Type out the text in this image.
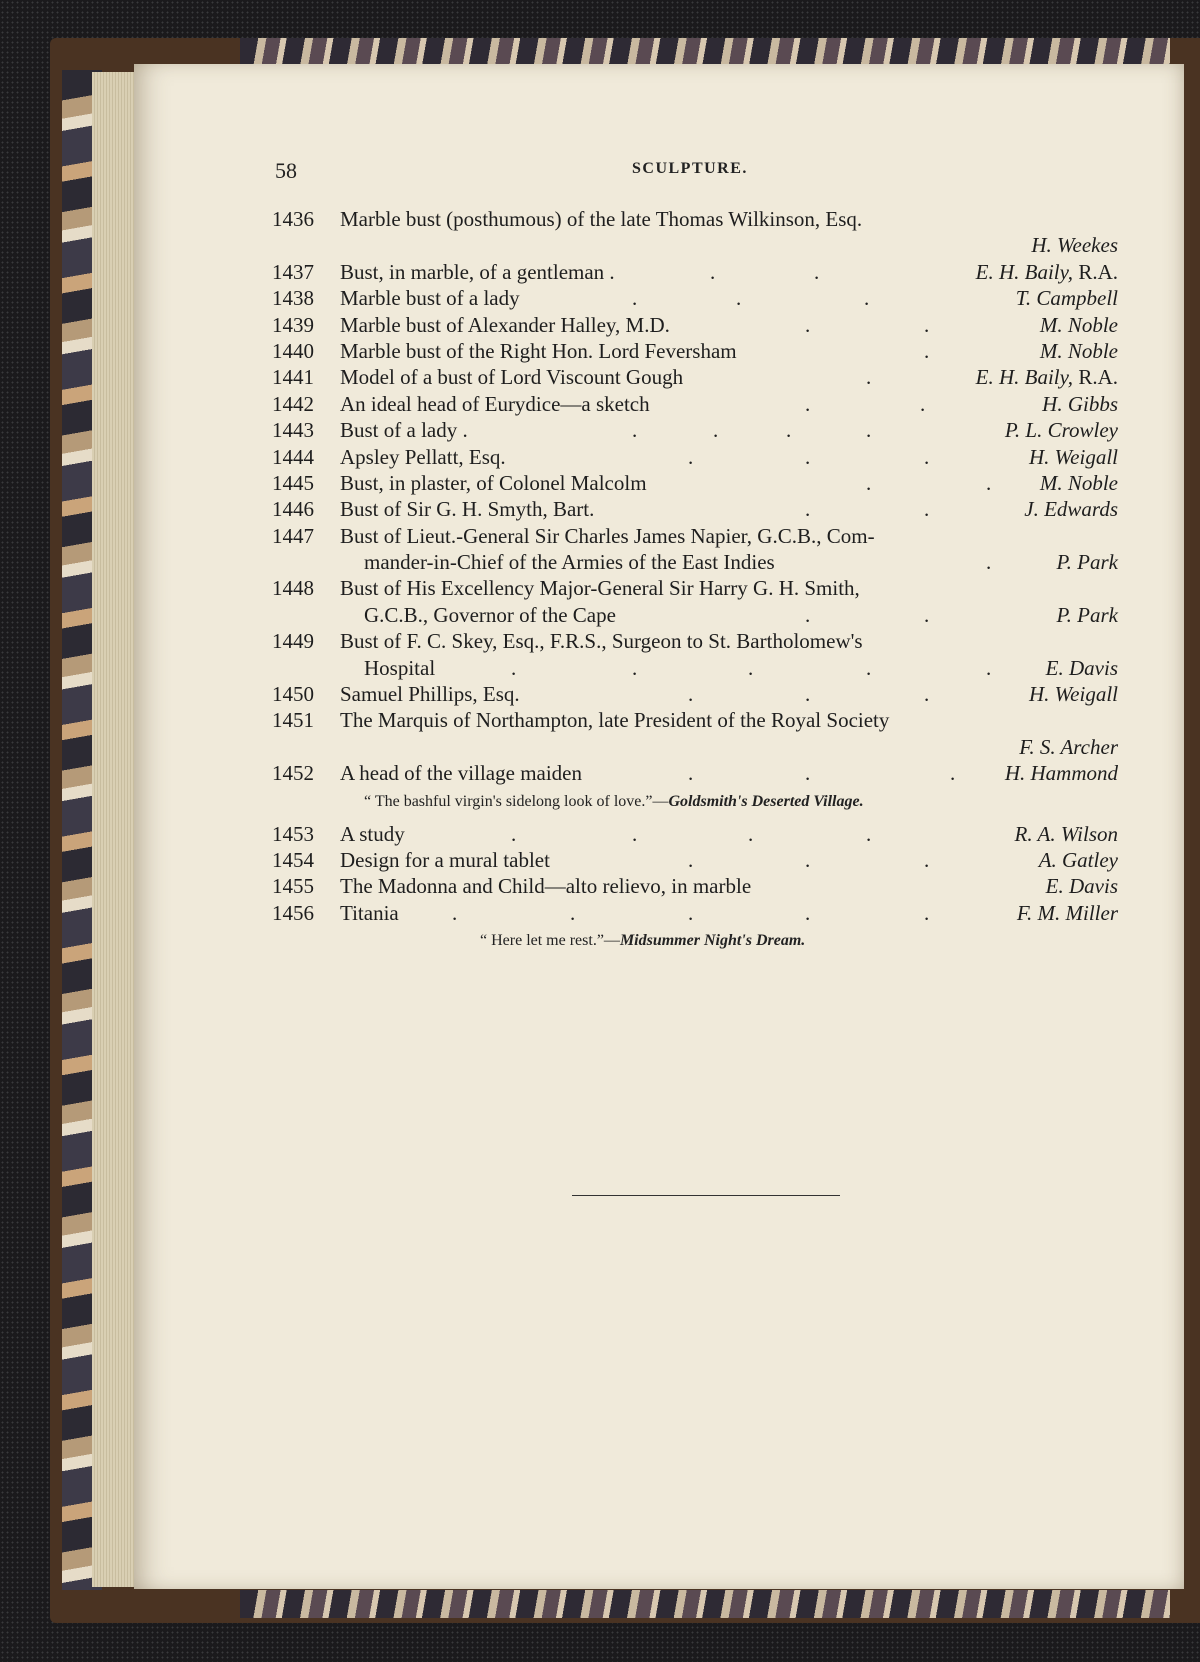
58	SCULPTURE.
1436 Marble bust (posthumous) of the late Thomas Wilkinson, Esq.
H. Weekes
1437 Bust, in marble, of a gentleman .	.	.	E. H. Baily, R.A.
1438 Marble bust of a lady	.	.	.	T. Campbell
1439 Marble bust of Alexander Halley, M.D.	.	.	M. Noble
1440 Marble bust of the Right Hon. Lord Feversham	.	M. Noble
1441 Model of a bust of Lord Viscount Gough	.	E. H. Baily, R.A.
1442 An ideal head of Eurydice—a sketch	.	.	H. Gibbs
1443 Bust of a lady .	.	.	.	.	P. L. Crowley
1444 Apsley Pellatt, Esq.	.	.	.	H. Weigall
1445 Bust, in plaster, of Colonel Malcolm	.	. M. Noble
1446 Bust of Sir G. H. Smyth, Bart.	.	.	J. Edwards
1447 Bust of Lieut.-General Sir Charles James Napier, G.C.B., Com-
mander-in-Chief of the Armies of the East Indies	.	P. Park
1448 Bust of His Excellency Major-General Sir Harry G. H. Smith,
G.C.B., Governor of the Cape	.	.	P. Park
1449 Bust of F. C. Skey, Esq., F.R.S., Surgeon to St. Bartholomew's
Hospital	.	.	.	.	.	E. Davis
1450 Samuel Phillips, Esq.	.	.	.	H. Weigall
1451 The Marquis of Northampton, late President of the Royal Society
F. S. Archer
1452 A head of the village maiden	.	.	. H. Hammond
“ The bashful virgin's sidelong look of love.”—Goldsmith's Deserted Village.
1453 A study	.	.	.	.	R. A. Wilson
1454 Design for a mural tablet	.	.	.	A. Gatley
1455 The Madonna and Child—alto relievo, in marble	E. Davis
1456 Titania	.	.	.	.	.	F. M. Miller
“ Here let me rest.”—Midsummer Night's Dream.
